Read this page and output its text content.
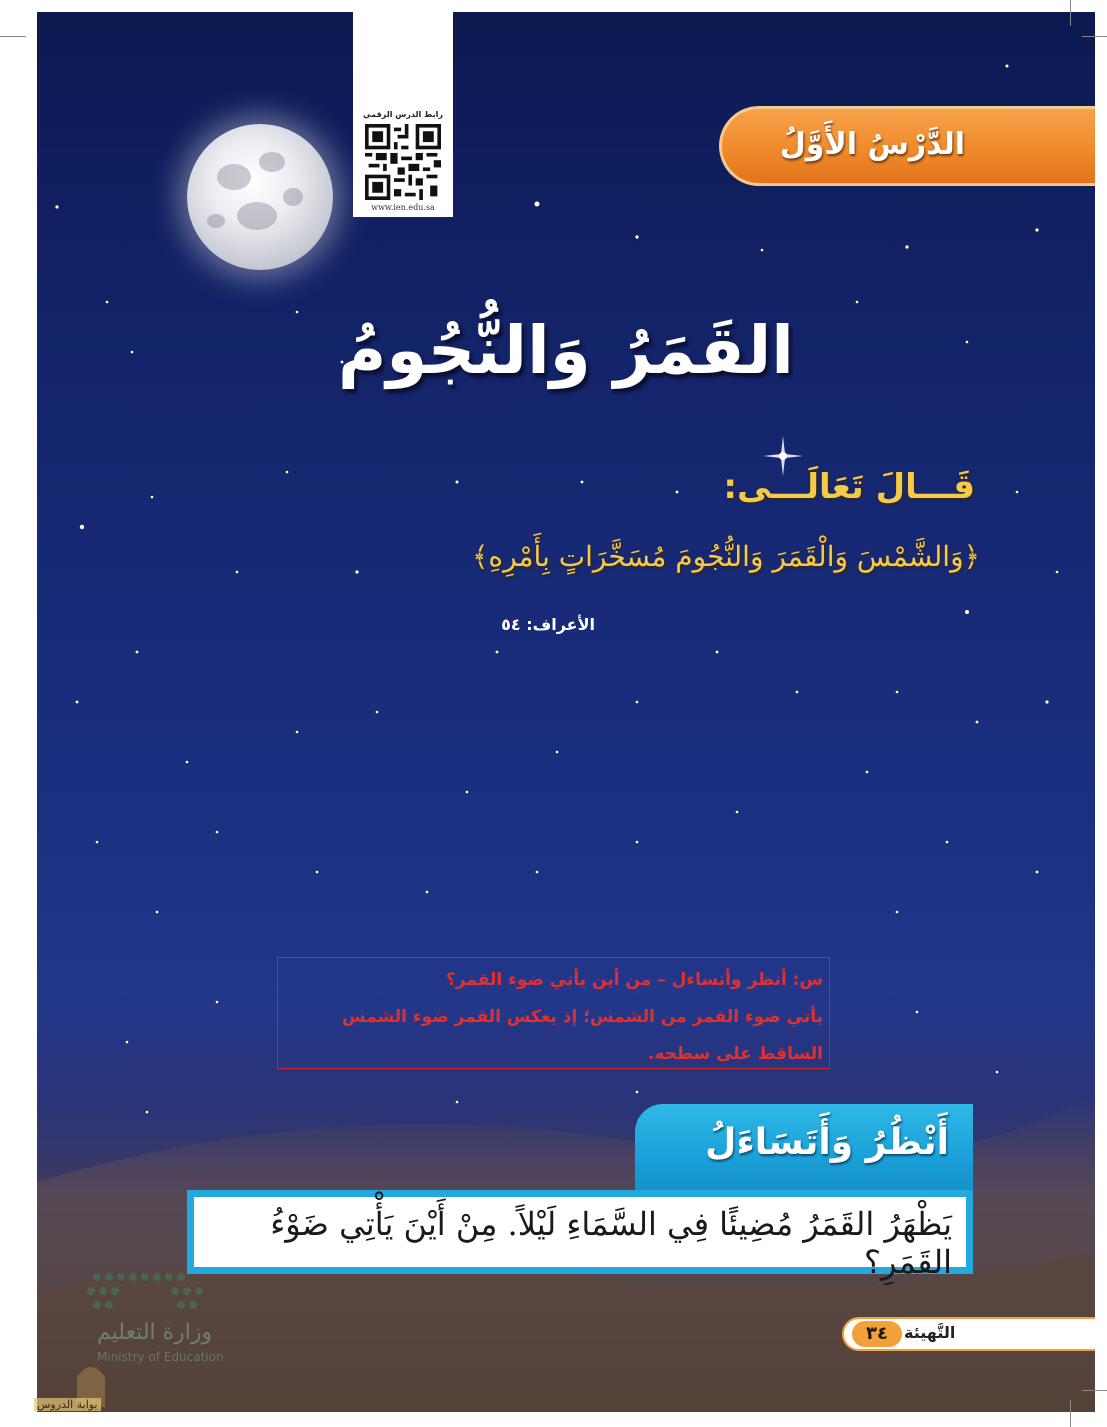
رابط الدرس الرقمي
www.ien.edu.sa
الدَّرْسُ الأَوَّلُ
القَمَرُ وَالنُّجُومُ
قَـــالَ تَعَالَـــى:
﴿وَالشَّمْسَ وَالْقَمَرَ وَالنُّجُومَ مُسَخَّرَاتٍ بِأَمْرِهِ﴾
الأعراف: ٥٤

س: أنظر وأتساءل – من أين يأتي ضوء القمر؟

يأتي ضوء القمر من الشمس؛ إذ يعكس القمر ضوء الشمس

الساقط على سطحه.

أَنْظُرُ وَأَتَسَاءَلُ
يَظْهَرُ القَمَرُ مُضِيئًا فِي السَّمَاءِ لَيْلاً. مِنْ أَيْنَ يَأْتِي ضَوْءُ القَمَرِ؟
٣٤	التَّهيئة
وزارة التعليم
Ministry of Education
بوابة الدروس
